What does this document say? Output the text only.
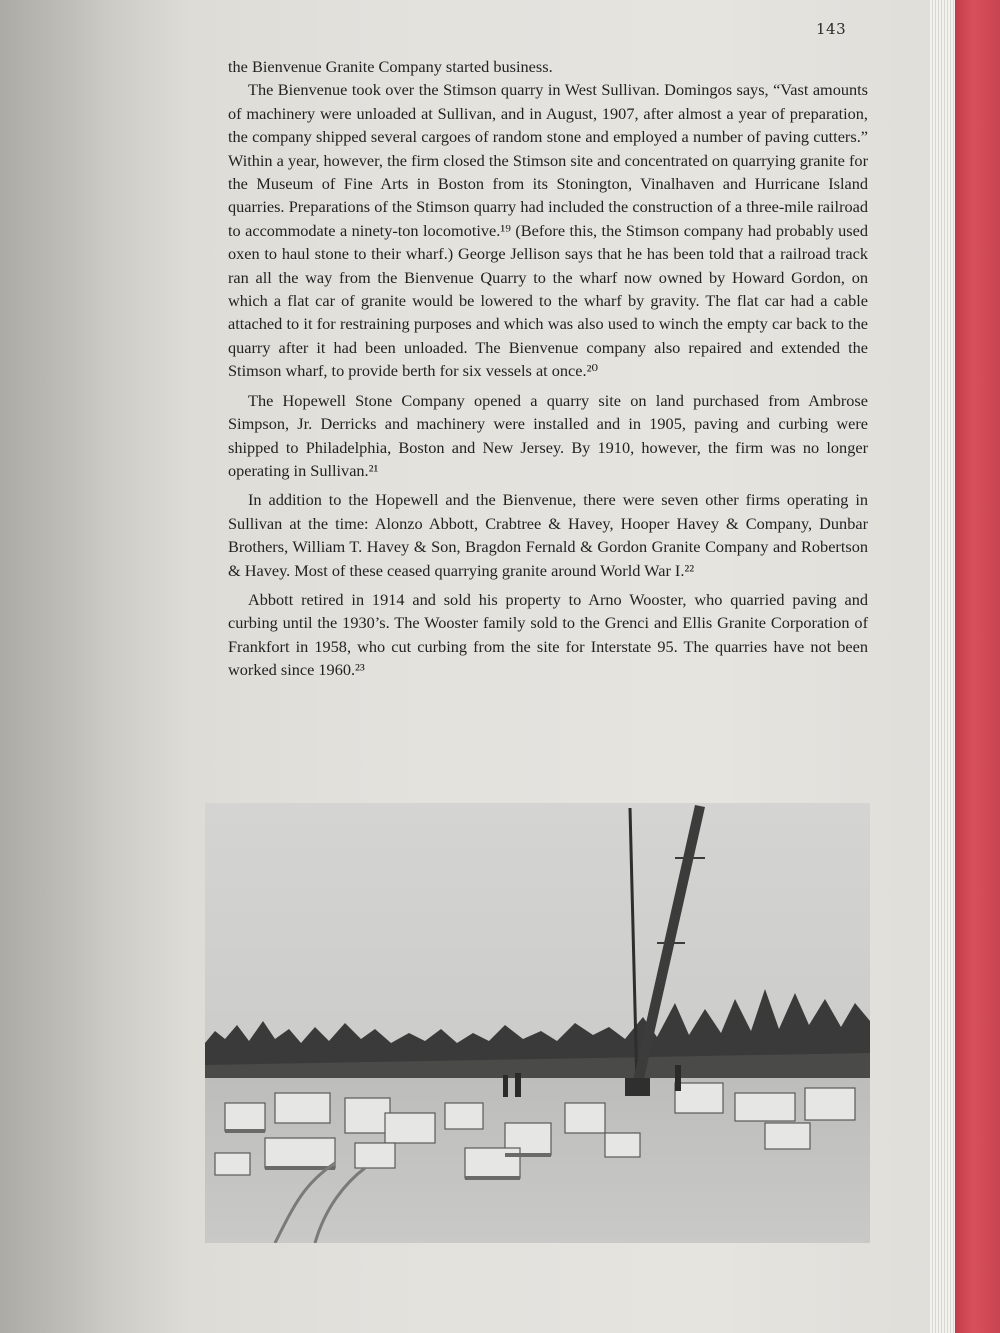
143

the Bienvenue Granite Company started business.

The Bienvenue took over the Stimson quarry in West Sullivan. Domingos says, “Vast amounts of machinery were unloaded at Sullivan, and in August, 1907, after almost a year of preparation, the company shipped several cargoes of random stone and employed a number of paving cutters.” Within a year, however, the firm closed the Stimson site and concentrated on quarrying granite for the Museum of Fine Arts in Boston from its Stonington, Vinalhaven and Hurricane Island quarries. Preparations of the Stimson quarry had included the construction of a three-mile railroad to accommodate a ninety-ton locomotive.¹⁹ (Before this, the Stimson company had probably used oxen to haul stone to their wharf.) George Jellison says that he has been told that a railroad track ran all the way from the Bienvenue Quarry to the wharf now owned by Howard Gordon, on which a flat car of granite would be lowered to the wharf by gravity. The flat car had a cable attached to it for restraining purposes and which was also used to winch the empty car back to the quarry after it had been unloaded. The Bienvenue company also repaired and extended the Stimson wharf, to provide berth for six vessels at once.²⁰

The Hopewell Stone Company opened a quarry site on land purchased from Ambrose Simpson, Jr. Derricks and machinery were installed and in 1905, paving and curbing were shipped to Philadelphia, Boston and New Jersey. By 1910, however, the firm was no longer operating in Sullivan.²¹

In addition to the Hopewell and the Bienvenue, there were seven other firms operating in Sullivan at the time: Alonzo Abbott, Crabtree & Havey, Hooper Havey & Company, Dunbar Brothers, William T. Havey & Son, Bragdon Fernald & Gordon Granite Company and Robertson & Havey. Most of these ceased quarrying granite around World War I.²²

Abbott retired in 1914 and sold his property to Arno Wooster, who quarried paving and curbing until the 1930’s. The Wooster family sold to the Grenci and Ellis Granite Corporation of Frankfort in 1958, who cut curbing from the site for Interstate 95. The quarries have not been worked since 1960.²³
